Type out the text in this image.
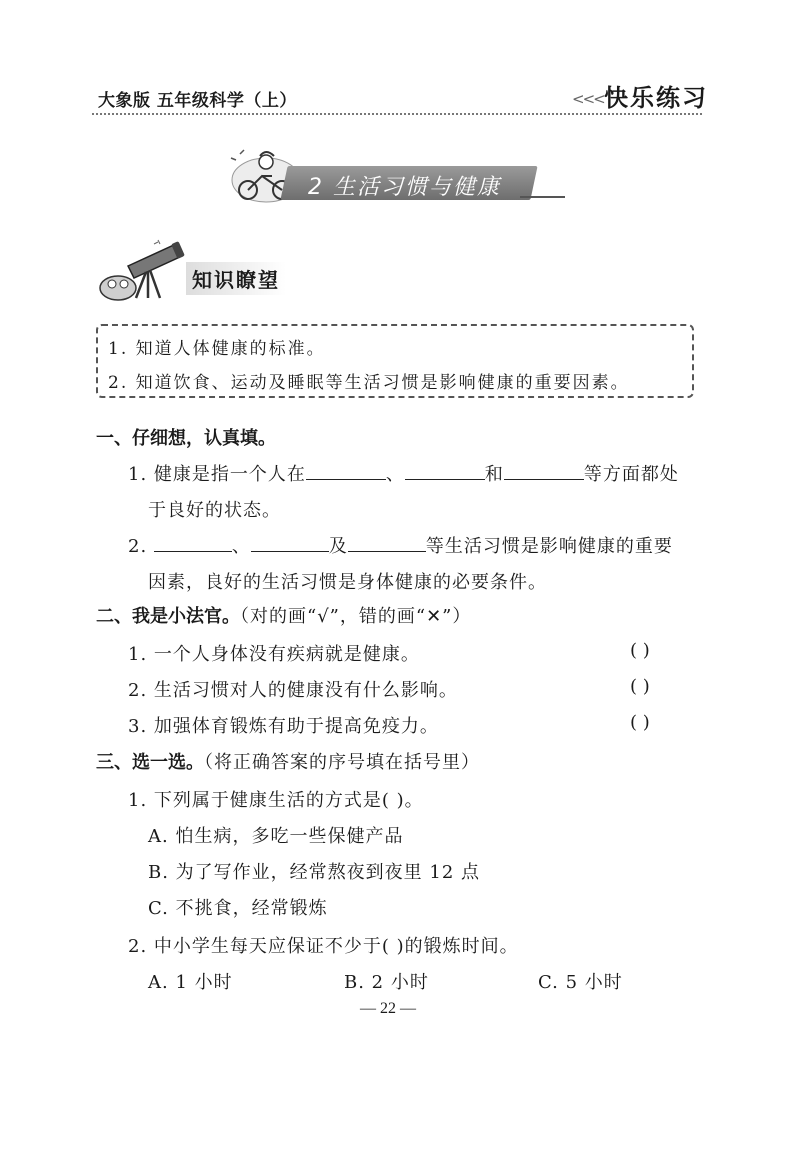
大象版 五年级科学（上）	<<< 快乐练习
2 生活习惯与健康
知识瞭望
1. 知道人体健康的标准。
2. 知道饮食、运动及睡眠等生活习惯是影响健康的重要因素。
一、仔细想，认真填。
1. 健康是指一个人在	、	和	等方面都处
于良好的状态。
2.	、	及	等生活习惯是影响健康的重要
因素，良好的生活习惯是身体健康的必要条件。
二、我是小法官。（对的画“√”，错的画“✕”）
1. 一个人身体没有疾病就是健康。	( )
2. 生活习惯对人的健康没有什么影响。	( )
3. 加强体育锻炼有助于提高免疫力。	( )
三、选一选。（将正确答案的序号填在括号里）
1. 下列属于健康生活的方式是( )。
A. 怕生病，多吃一些保健产品
B. 为了写作业，经常熬夜到夜里 12 点
C. 不挑食，经常锻炼
2. 中小学生每天应保证不少于( )的锻炼时间。
A. 1 小时	B. 2 小时	C. 5 小时
— 22 —
